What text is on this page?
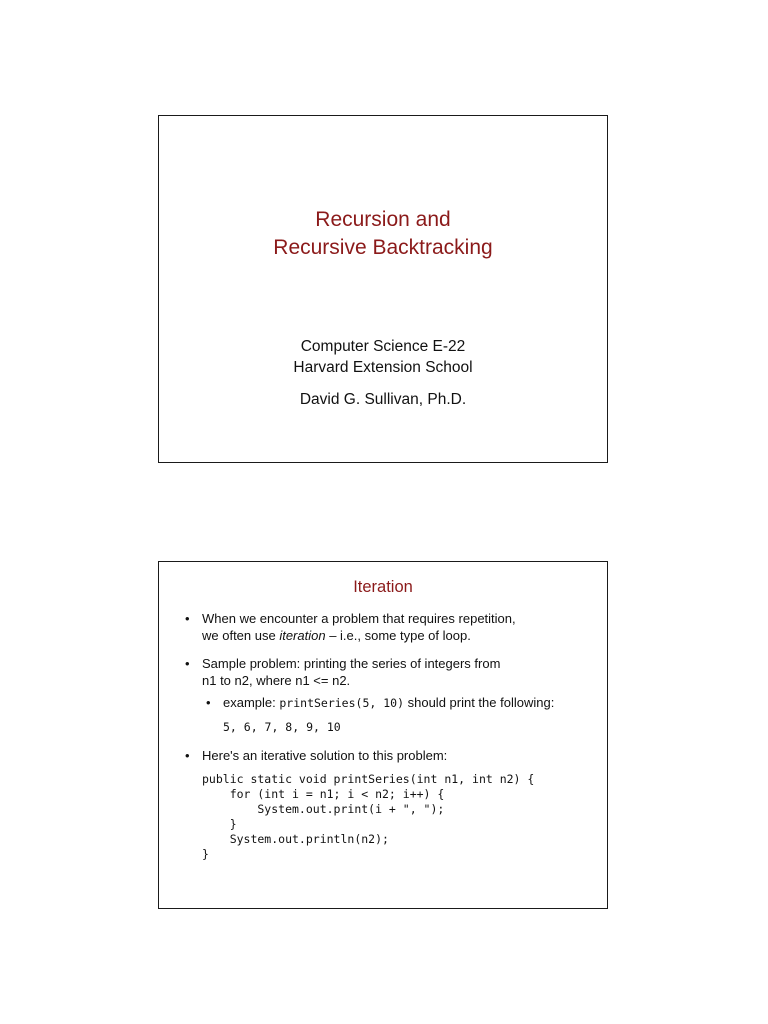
Recursion and
Recursive Backtracking
Computer Science E-22
Harvard Extension School
David G. Sullivan, Ph.D.
Iteration
• When we encounter a problem that requires repetition,
we often use iteration – i.e., some type of loop.
• Sample problem: printing the series of integers from
n1 to n2, where n1 <= n2.
• example: printSeries(5, 10) should print the following:
5, 6, 7, 8, 9, 10
• Here's an iterative solution to this problem:
public static void printSeries(int n1, int n2) {
for (int i = n1; i < n2; i++) {
System.out.print(i + ", ");
}
System.out.println(n2);
}
